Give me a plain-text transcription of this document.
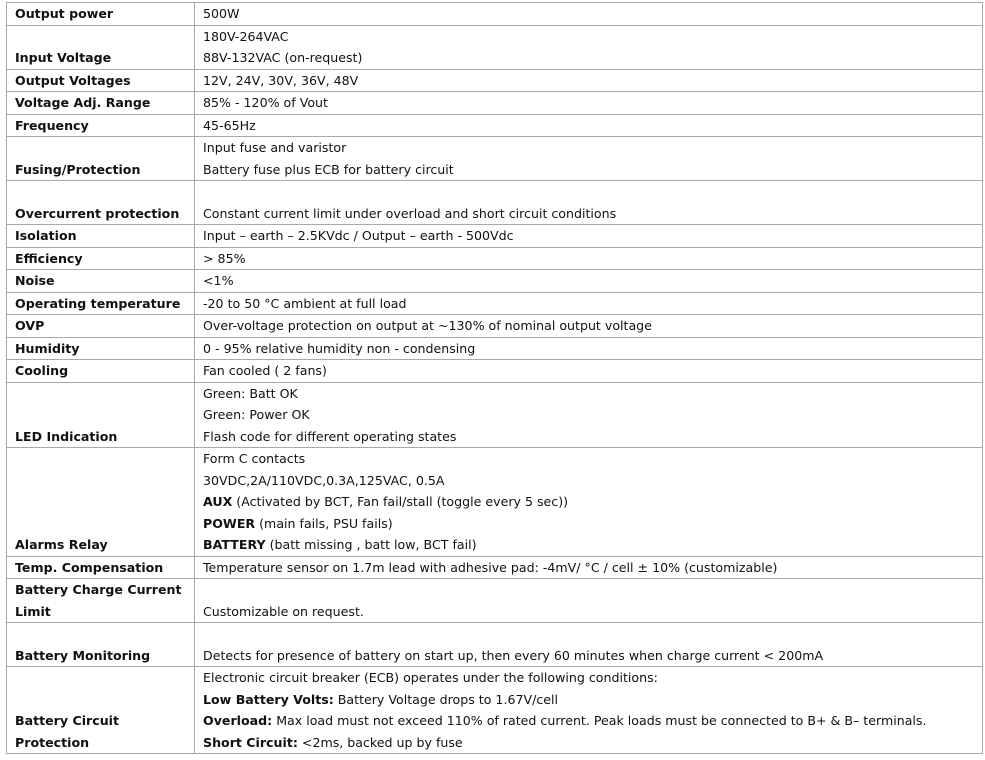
Output power	500W

Input Voltage	180V-264VAC
88V-132VAC (on-request)

Output Voltages	12V, 24V, 30V, 36V, 48V

Voltage Adj. Range	85% - 120% of Vout

Frequency	45-65Hz

Fusing/Protection	Input fuse and varistor
Battery fuse plus ECB for battery circuit

Overcurrent protection	Constant current limit under overload and short circuit conditions

Isolation	Input – earth – 2.5KVdc / Output – earth - 500Vdc

Efficiency	> 85%

Noise	<1%

Operating temperature	-20 to 50 °C ambient at full load

OVP	Over-voltage protection on output at ~130% of nominal output voltage

Humidity	0 - 95% relative humidity non - condensing

Cooling	Fan cooled ( 2 fans)

LED Indication	Green: Batt OK
Green: Power OK
Flash code for different operating states

Alarms Relay	Form C contacts
30VDC,2A/110VDC,0.3A,125VAC, 0.5A
AUX (Activated by BCT, Fan fail/stall (toggle every 5 sec))
POWER (main fails, PSU fails)
BATTERY (batt missing , batt low, BCT fail)

Temp. Compensation	Temperature sensor on 1.7m lead with adhesive pad: -4mV/ °C / cell ± 10% (customizable)

Battery Charge Current Limit	Customizable on request.

Battery Monitoring	Detects for presence of battery on start up, then every 60 minutes when charge current < 200mA

Battery Circuit Protection	Electronic circuit breaker (ECB) operates under the following conditions:
Low Battery Volts: Battery Voltage drops to 1.67V/cell
Overload: Max load must not exceed 110% of rated current. Peak loads must be connected to B+ & B– terminals.
Short Circuit: <2ms, backed up by fuse
